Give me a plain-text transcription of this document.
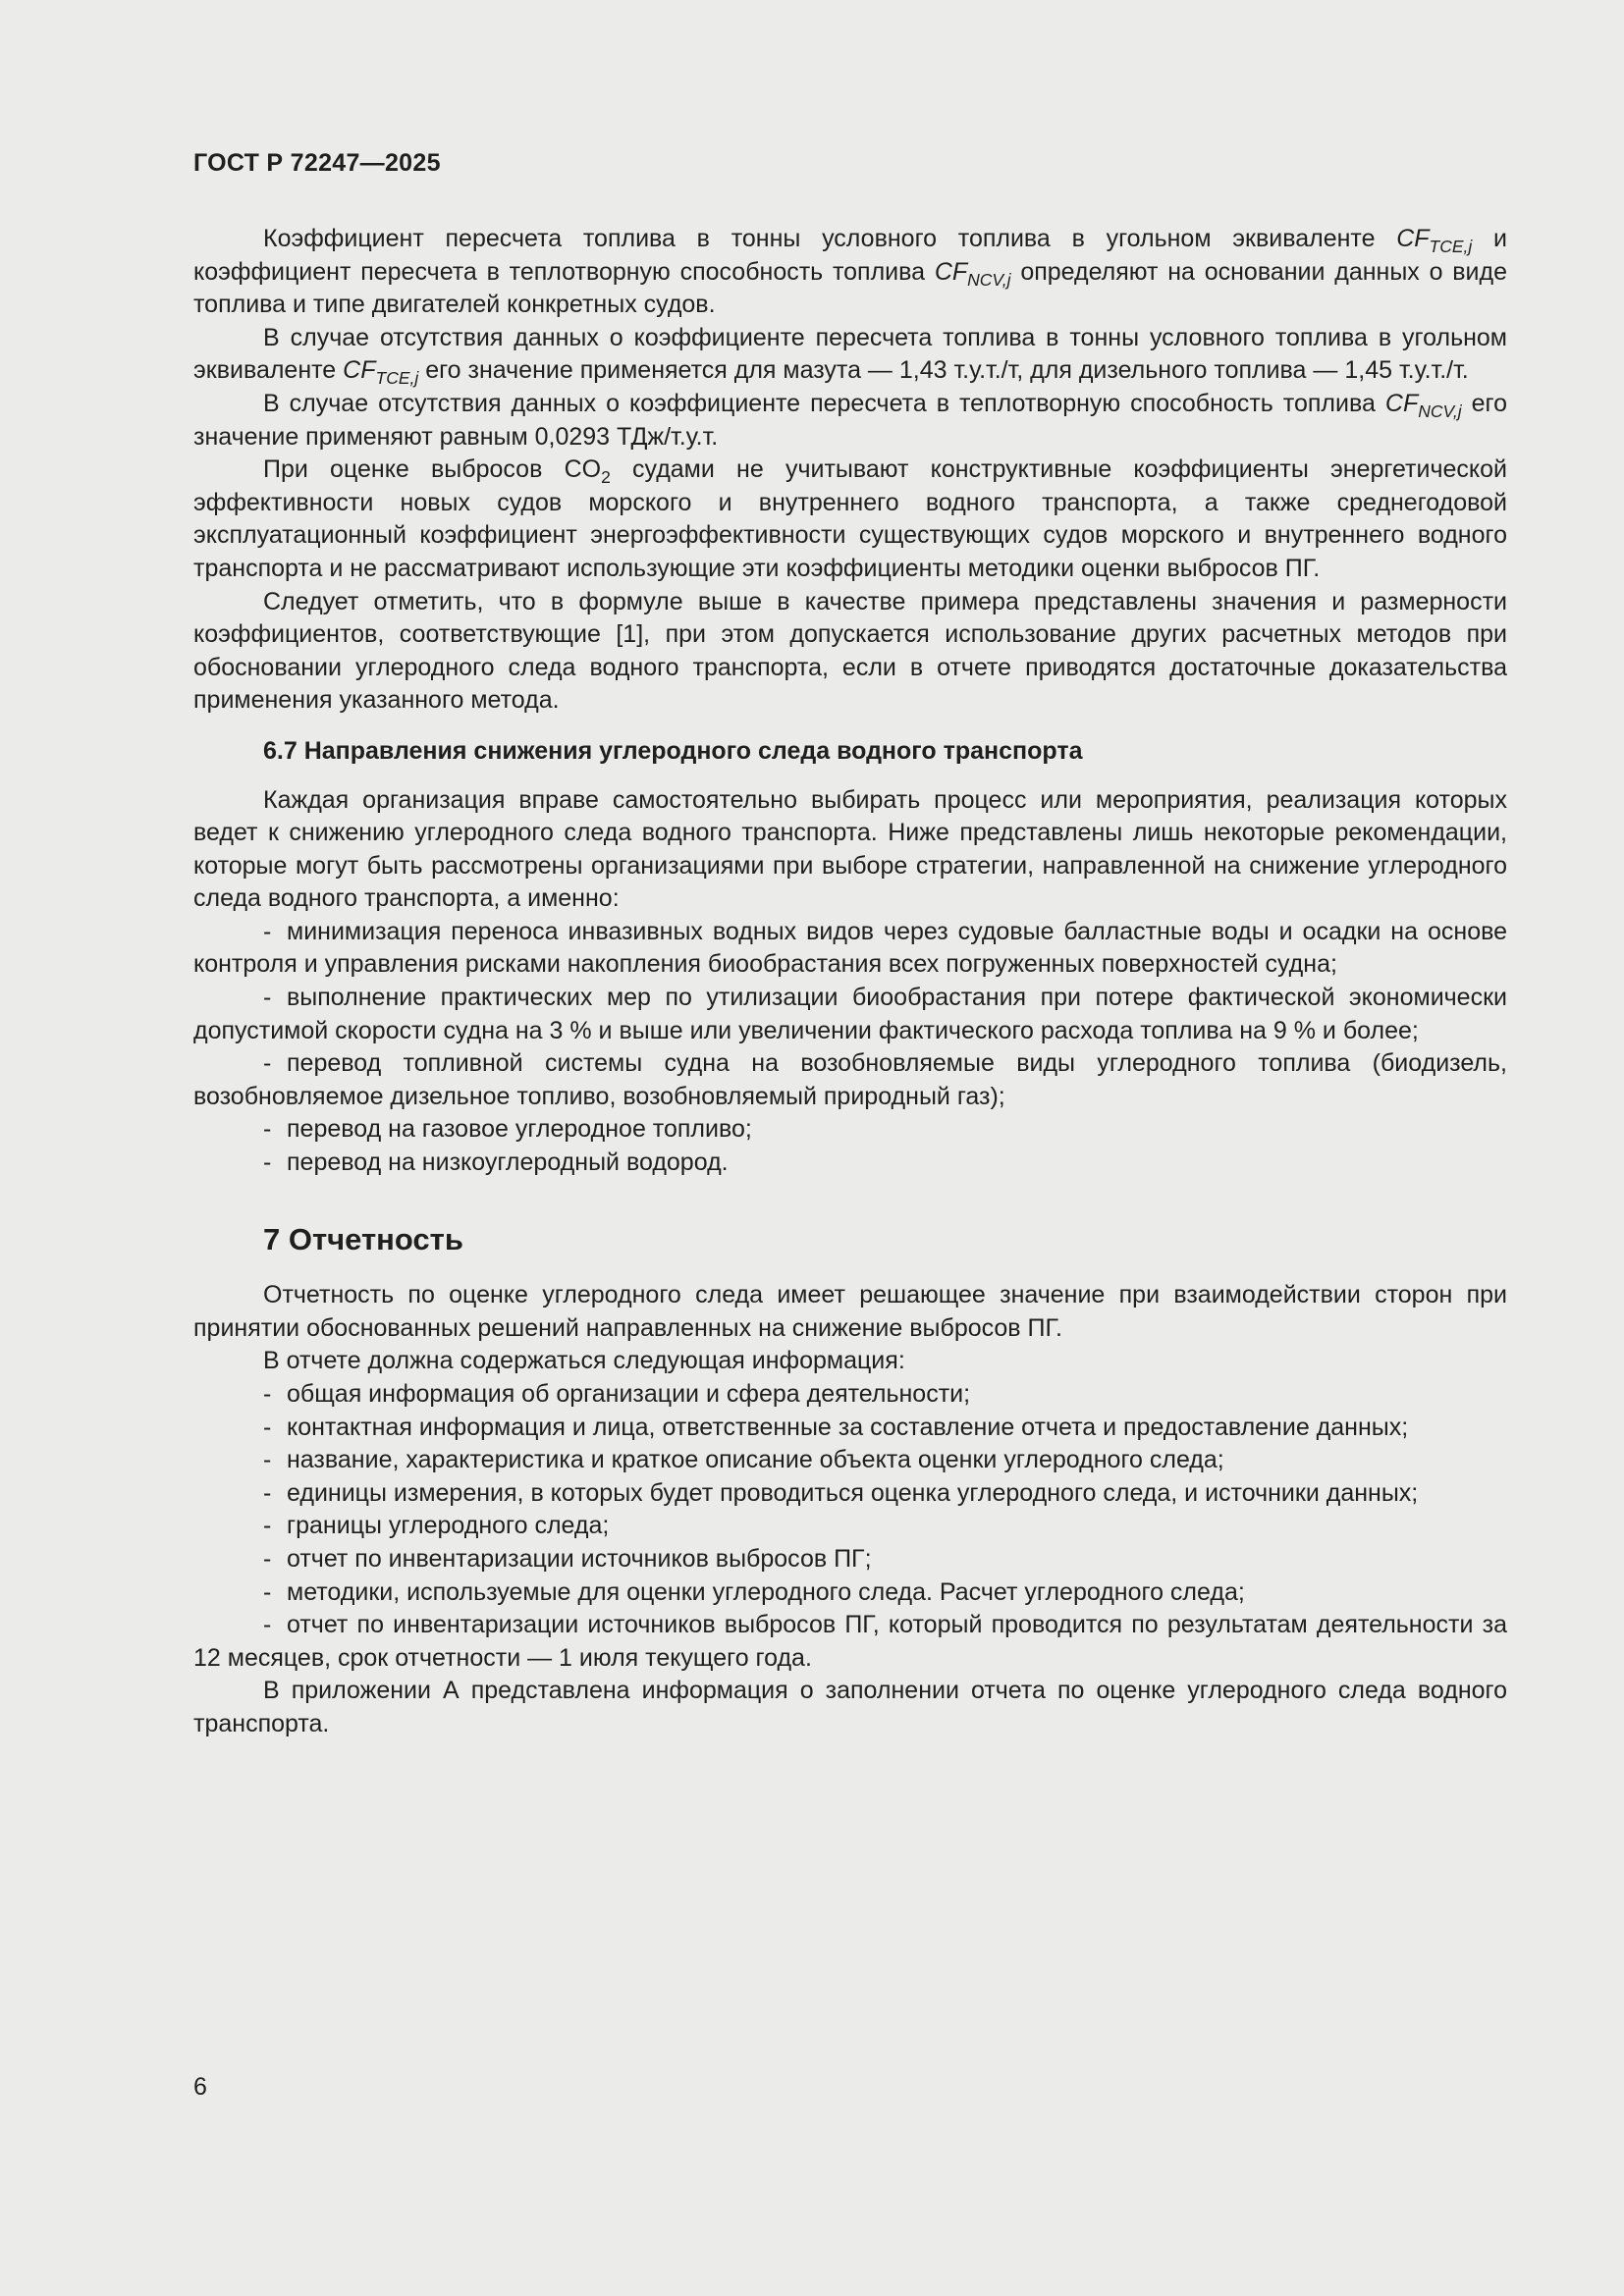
ГОСТ Р 72247—2025

Коэффициент пересчета топлива в тонны условного топлива в угольном эквиваленте $CF_{TCE,j}$ и коэффициент пересчета в теплотворную способность топлива $CF_{NCV,j}$ определяют на основании данных о виде топлива и типе двигателей конкретных судов.

В случае отсутствия данных о коэффициенте пересчета топлива в тонны условного топлива в угольном эквиваленте $CF_{TCE,j}$ его значение применяется для мазута — 1,43 т.у.т./т, для дизельного топлива — 1,45 т.у.т./т.

В случае отсутствия данных о коэффициенте пересчета в теплотворную способность топлива $CF_{NCV,j}$ его значение применяют равным 0,0293 ТДж/т.у.т.

При оценке выбросов $CO_2$ судами не учитывают конструктивные коэффициенты энергетической эффективности новых судов морского и внутреннего водного транспорта, а также среднегодовой эксплуатационный коэффициент энергоэффективности существующих судов морского и внутреннего водного транспорта и не рассматривают использующие эти коэффициенты методики оценки выбросов ПГ.

Следует отметить, что в формуле выше в качестве примера представлены значения и размерности коэффициентов, соответствующие [1], при этом допускается использование других расчетных методов при обосновании углеродного следа водного транспорта, если в отчете приводятся достаточные доказательства применения указанного метода.

6.7 Направления снижения углеродного следа водного транспорта

Каждая организация вправе самостоятельно выбирать процесс или мероприятия, реализация которых ведет к снижению углеродного следа водного транспорта. Ниже представлены лишь некоторые рекомендации, которые могут быть рассмотрены организациями при выборе стратегии, направленной на снижение углеродного следа водного транспорта, а именно:

- минимизация переноса инвазивных водных видов через судовые балластные воды и осадки на основе контроля и управления рисками накопления биообрастания всех погруженных поверхностей судна;

- выполнение практических мер по утилизации биообрастания при потере фактической экономически допустимой скорости судна на 3 % и выше или увеличении фактического расхода топлива на 9 % и более;

- перевод топливной системы судна на возобновляемые виды углеродного топлива (биодизель, возобновляемое дизельное топливо, возобновляемый природный газ);

- перевод на газовое углеродное топливо;

- перевод на низкоуглеродный водород.

7 Отчетность

Отчетность по оценке углеродного следа имеет решающее значение при взаимодействии сторон при принятии обоснованных решений направленных на снижение выбросов ПГ.

В отчете должна содержаться следующая информация:

- общая информация об организации и сфера деятельности;

- контактная информация и лица, ответственные за составление отчета и предоставление данных;

- название, характеристика и краткое описание объекта оценки углеродного следа;

- единицы измерения, в которых будет проводиться оценка углеродного следа, и источники данных;

- границы углеродного следа;

- отчет по инвентаризации источников выбросов ПГ;

- методики, используемые для оценки углеродного следа. Расчет углеродного следа;

- отчет по инвентаризации источников выбросов ПГ, который проводится по результатам деятельности за 12 месяцев, срок отчетности — 1 июля текущего года.

В приложении А представлена информация о заполнении отчета по оценке углеродного следа водного транспорта.

6
